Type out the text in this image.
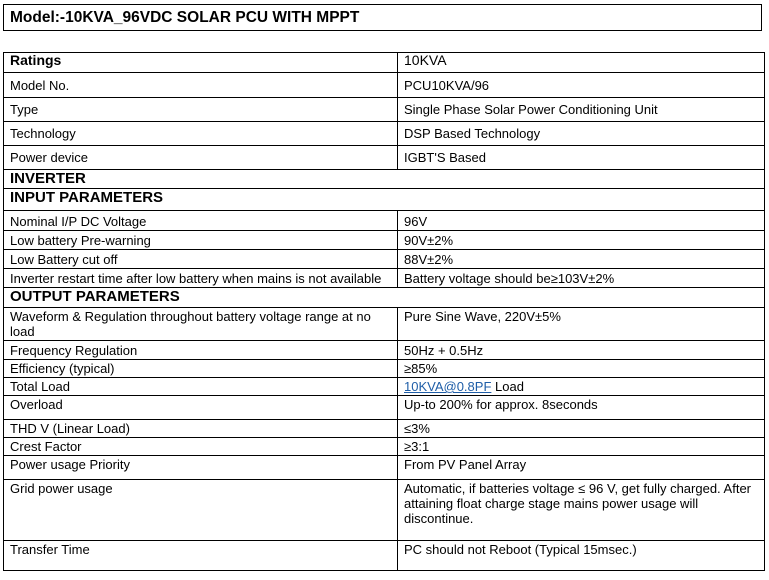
Model:-10KVA_96VDC SOLAR PCU WITH MPPT
Ratings	10KVA
Model No.	PCU10KVA/96
Type	Single Phase Solar Power Conditioning Unit
Technology	DSP Based Technology
Power device	IGBT'S Based
INVERTER	
INPUT PARAMETERS	
Nominal I/P DC Voltage	96V
Low battery Pre-warning	90V±2%
Low Battery cut off	88V±2%
Inverter restart time after low battery when mains is not available	Battery voltage should be≥103V±2%
OUTPUT PARAMETERS	
Waveform & Regulation throughout battery voltage range at no load	Pure Sine Wave, 220V±5%
Frequency Regulation	50Hz + 0.5Hz
Efficiency (typical)	≥85%
Total Load	10KVA@0.8PF Load
Overload	Up-to 200% for approx. 8seconds
THD V (Linear Load)	≤3%
Crest Factor	≥3:1
Power usage Priority	From PV Panel Array
Grid power usage	Automatic, if batteries voltage ≤ 96 V, get fully charged. After attaining float charge stage mains power usage will discontinue.
Transfer Time	PC should not Reboot (Typical 15msec.)
